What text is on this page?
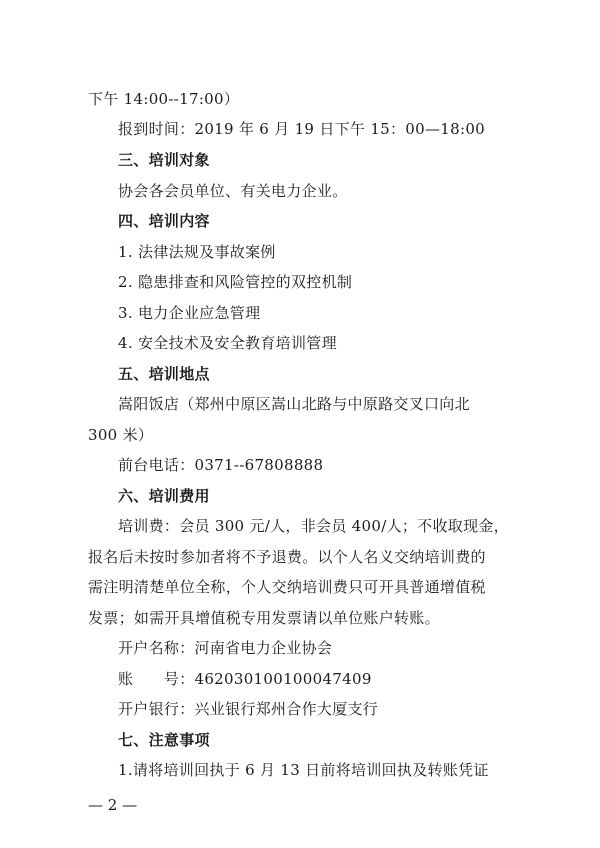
下午 14:00--17:00）
报到时间：2019 年 6 月 19 日下午 15：00—18:00
三、培训对象
协会各会员单位、有关电力企业。
四、培训内容
1. 法律法规及事故案例
2. 隐患排查和风险管控的双控机制
3. 电力企业应急管理
4. 安全技术及安全教育培训管理
五、培训地点
嵩阳饭店（郑州中原区嵩山北路与中原路交叉口向北
300 米）
前台电话：0371--67808888
六、培训费用
培训费：会员 300 元/人，非会员 400/人；不收取现金，
报名后未按时参加者将不予退费。以个人名义交纳培训费的
需注明清楚单位全称，个人交纳培训费只可开具普通增值税
发票；如需开具增值税专用发票请以单位账户转账。
开户名称：河南省电力企业协会
账　　号：462030100100047409
开户银行：兴业银行郑州合作大厦支行
七、注意事项
1.请将培训回执于 6 月 13 日前将培训回执及转账凭证
— 2 —
